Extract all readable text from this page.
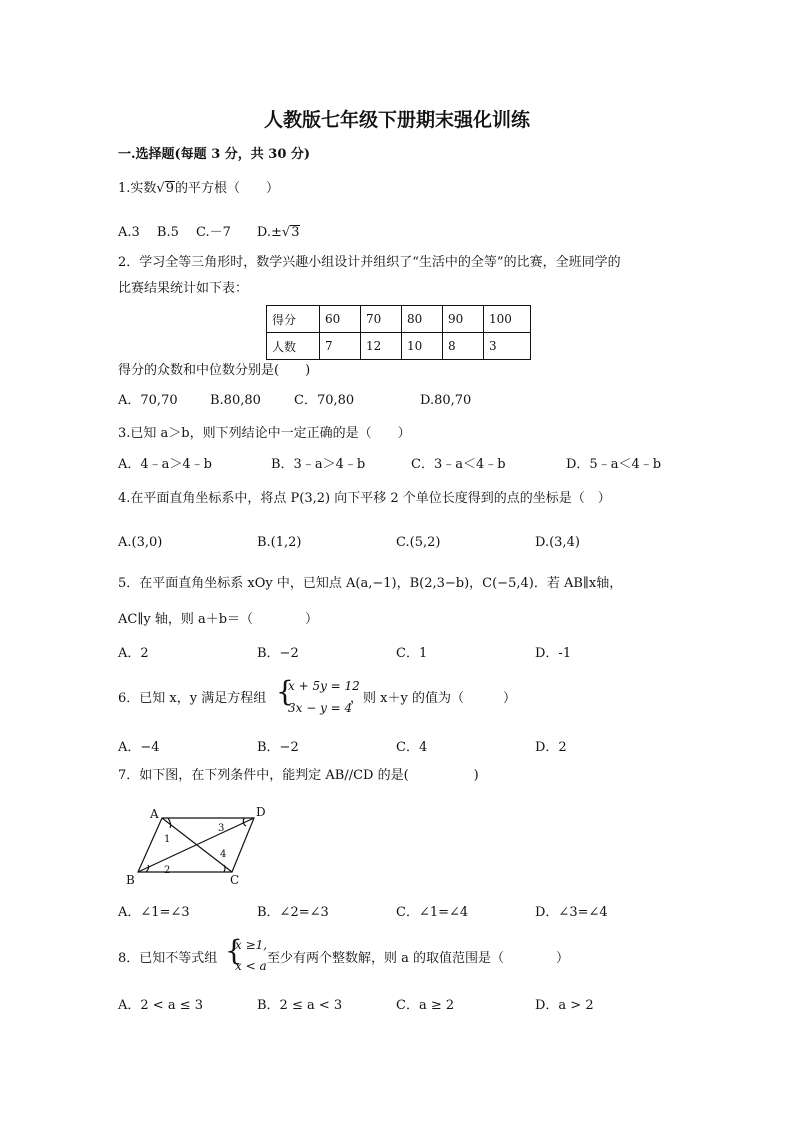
人教版七年级下册期末强化训练
一.选择题(每题 3 分，共 30 分)
1.实数√9的平方根（　　）
A.3　 B.5　 C.－7　　D.±√3
2．学习全等三角形时，数学兴趣小组设计并组织了“生活中的全等”的比赛，全班同学的
比赛结果统计如下表：
得分	60	70	80	90	100
人数	7	12	10	8	3
得分的众数和中位数分别是(　　)
A．70,70 B.80,80	C．70,80	D.80,70
3.已知 a＞b，则下列结论中一定正确的是（　　）
A．4﹣a＞4﹣b	B．3﹣a＞4﹣b	C．3﹣a＜4﹣b	D．5﹣a＜4﹣b
4.在平面直角坐标系中，将点 P(3,2) 向下平移 2 个单位长度得到的点的坐标是（　）
A.(3,0)	B.(1,2)	C.(5,2)	D.(3,4)
5．在平面直角坐标系 xOy 中，已知点 A(a,−1)，B(2,3−b)，C(−5,4)．若 AB∥x轴，
AC∥y 轴，则 a＋b＝（　　　　）
A．2	B．−2	C．1	D．-1
6．已知 x，y 满足方程组 {
x + 5y = 12
3x − y = 4
，则 x＋y 的值为（　　　）
A．−4	B．−2	C．4	D．2
7．如下图，在下列条件中，能判定 AB//CD 的是(　　　　　)
A	D
B	C
1
2
3
4
A．∠1=∠3	B．∠2=∠3	C．∠1=∠4	D．∠3=∠4
8．已知不等式组 {
x ≥1,
x < a 至少有两个整数解，则 a 的取值范围是（　　　　）
A．2 < a ≤ 3	B．2 ≤ a < 3	C．a ≥ 2	D．a > 2
